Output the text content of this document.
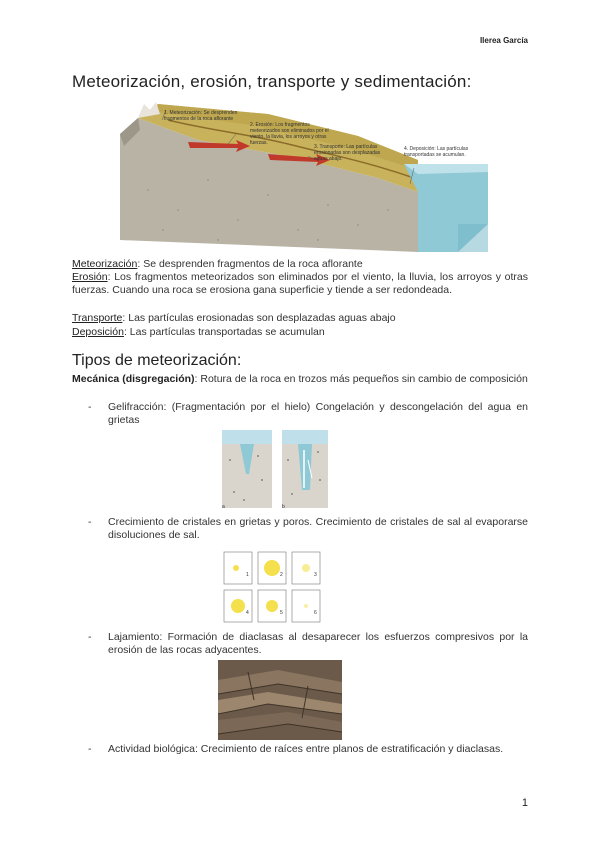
Ilerea García
Meteorización, erosión, transporte y sedimentación:
1. Meteorización: Se desprenden fragmentos de la roca aflorante
2. Erosión: Los fragmentos meteorizados son eliminados por el viento, la lluvia, los arroyos y otras fuerzas.
3. Transporte: Las partículas erosionadas son desplazadas aguas abajo.
4. Deposición: Las partículas transportadas se acumulan.
Meteorización: Se desprenden fragmentos de la roca aflorante
Erosión: Los fragmentos meteorizados son eliminados por el viento, la lluvia, los arroyos y otras fuerzas. Cuando una roca se erosiona gana superficie y tiende a ser redondeada.
Transporte: Las partículas erosionadas son desplazadas aguas abajo
Deposición: Las partículas transportadas se acumulan
Tipos de meteorización:
Mecánica (disgregación): Rotura de la roca en trozos más pequeños sin cambio de composición
- Gelifracción: (Fragmentación por el hielo) Congelación y descongelación del agua en grietas
a	b
- Crecimiento de cristales en grietas y poros. Crecimiento de cristales de sal al evaporarse disoluciones de sal.
1	2	3
4	5	6
- Lajamiento: Formación de diaclasas al desaparecer los esfuerzos compresivos por la erosión de las rocas adyacentes.
- Actividad biológica: Crecimiento de raíces entre planos de estratificación y diaclasas.
1
